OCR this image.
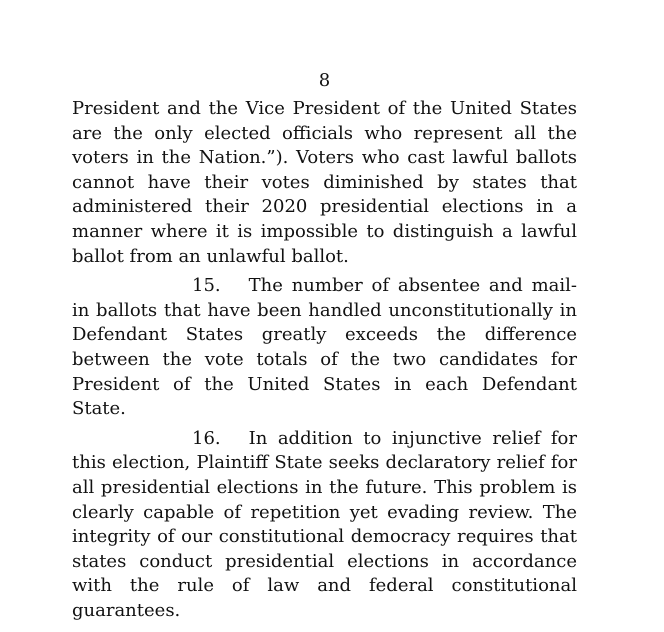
8

President and the Vice President of the United States are the only elected officials who represent all the voters in the Nation.”). Voters who cast lawful ballots cannot have their votes diminished by states that administered their 2020 presidential elections in a manner where it is impossible to distinguish a lawful ballot from an unlawful ballot.

15. The number of absentee and mail-in ballots that have been handled unconstitutionally in Defendant States greatly exceeds the difference between the vote totals of the two candidates for President of the United States in each Defendant State.

16. In addition to injunctive relief for this election, Plaintiff State seeks declaratory relief for all presidential elections in the future. This problem is clearly capable of repetition yet evading review. The integrity of our constitutional democracy requires that states conduct presidential elections in accordance with the rule of law and federal constitutional guarantees.
